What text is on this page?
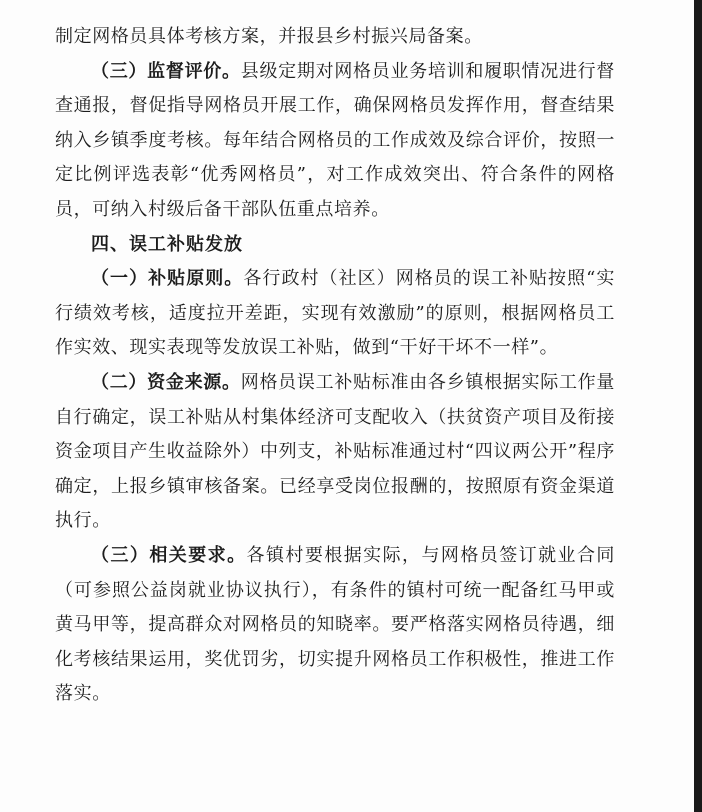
制定网格员具体考核方案，并报县乡村振兴局备案。

（三）监督评价。县级定期对网格员业务培训和履职情况进行督查通报，督促指导网格员开展工作，确保网格员发挥作用，督查结果纳入乡镇季度考核。每年结合网格员的工作成效及综合评价，按照一定比例评选表彰“优秀网格员”，对工作成效突出、符合条件的网格员，可纳入村级后备干部队伍重点培养。

四、误工补贴发放

（一）补贴原则。各行政村（社区）网格员的误工补贴按照“实行绩效考核，适度拉开差距，实现有效激励”的原则，根据网格员工作实效、现实表现等发放误工补贴，做到“干好干坏不一样”。

（二）资金来源。网格员误工补贴标准由各乡镇根据实际工作量自行确定，误工补贴从村集体经济可支配收入（扶贫资产项目及衔接资金项目产生收益除外）中列支，补贴标准通过村“四议两公开”程序确定，上报乡镇审核备案。已经享受岗位报酬的，按照原有资金渠道执行。

（三）相关要求。各镇村要根据实际，与网格员签订就业合同（可参照公益岗就业协议执行），有条件的镇村可统一配备红马甲或黄马甲等，提高群众对网格员的知晓率。要严格落实网格员待遇，细化考核结果运用，奖优罚劣，切实提升网格员工作积极性，推进工作落实。
